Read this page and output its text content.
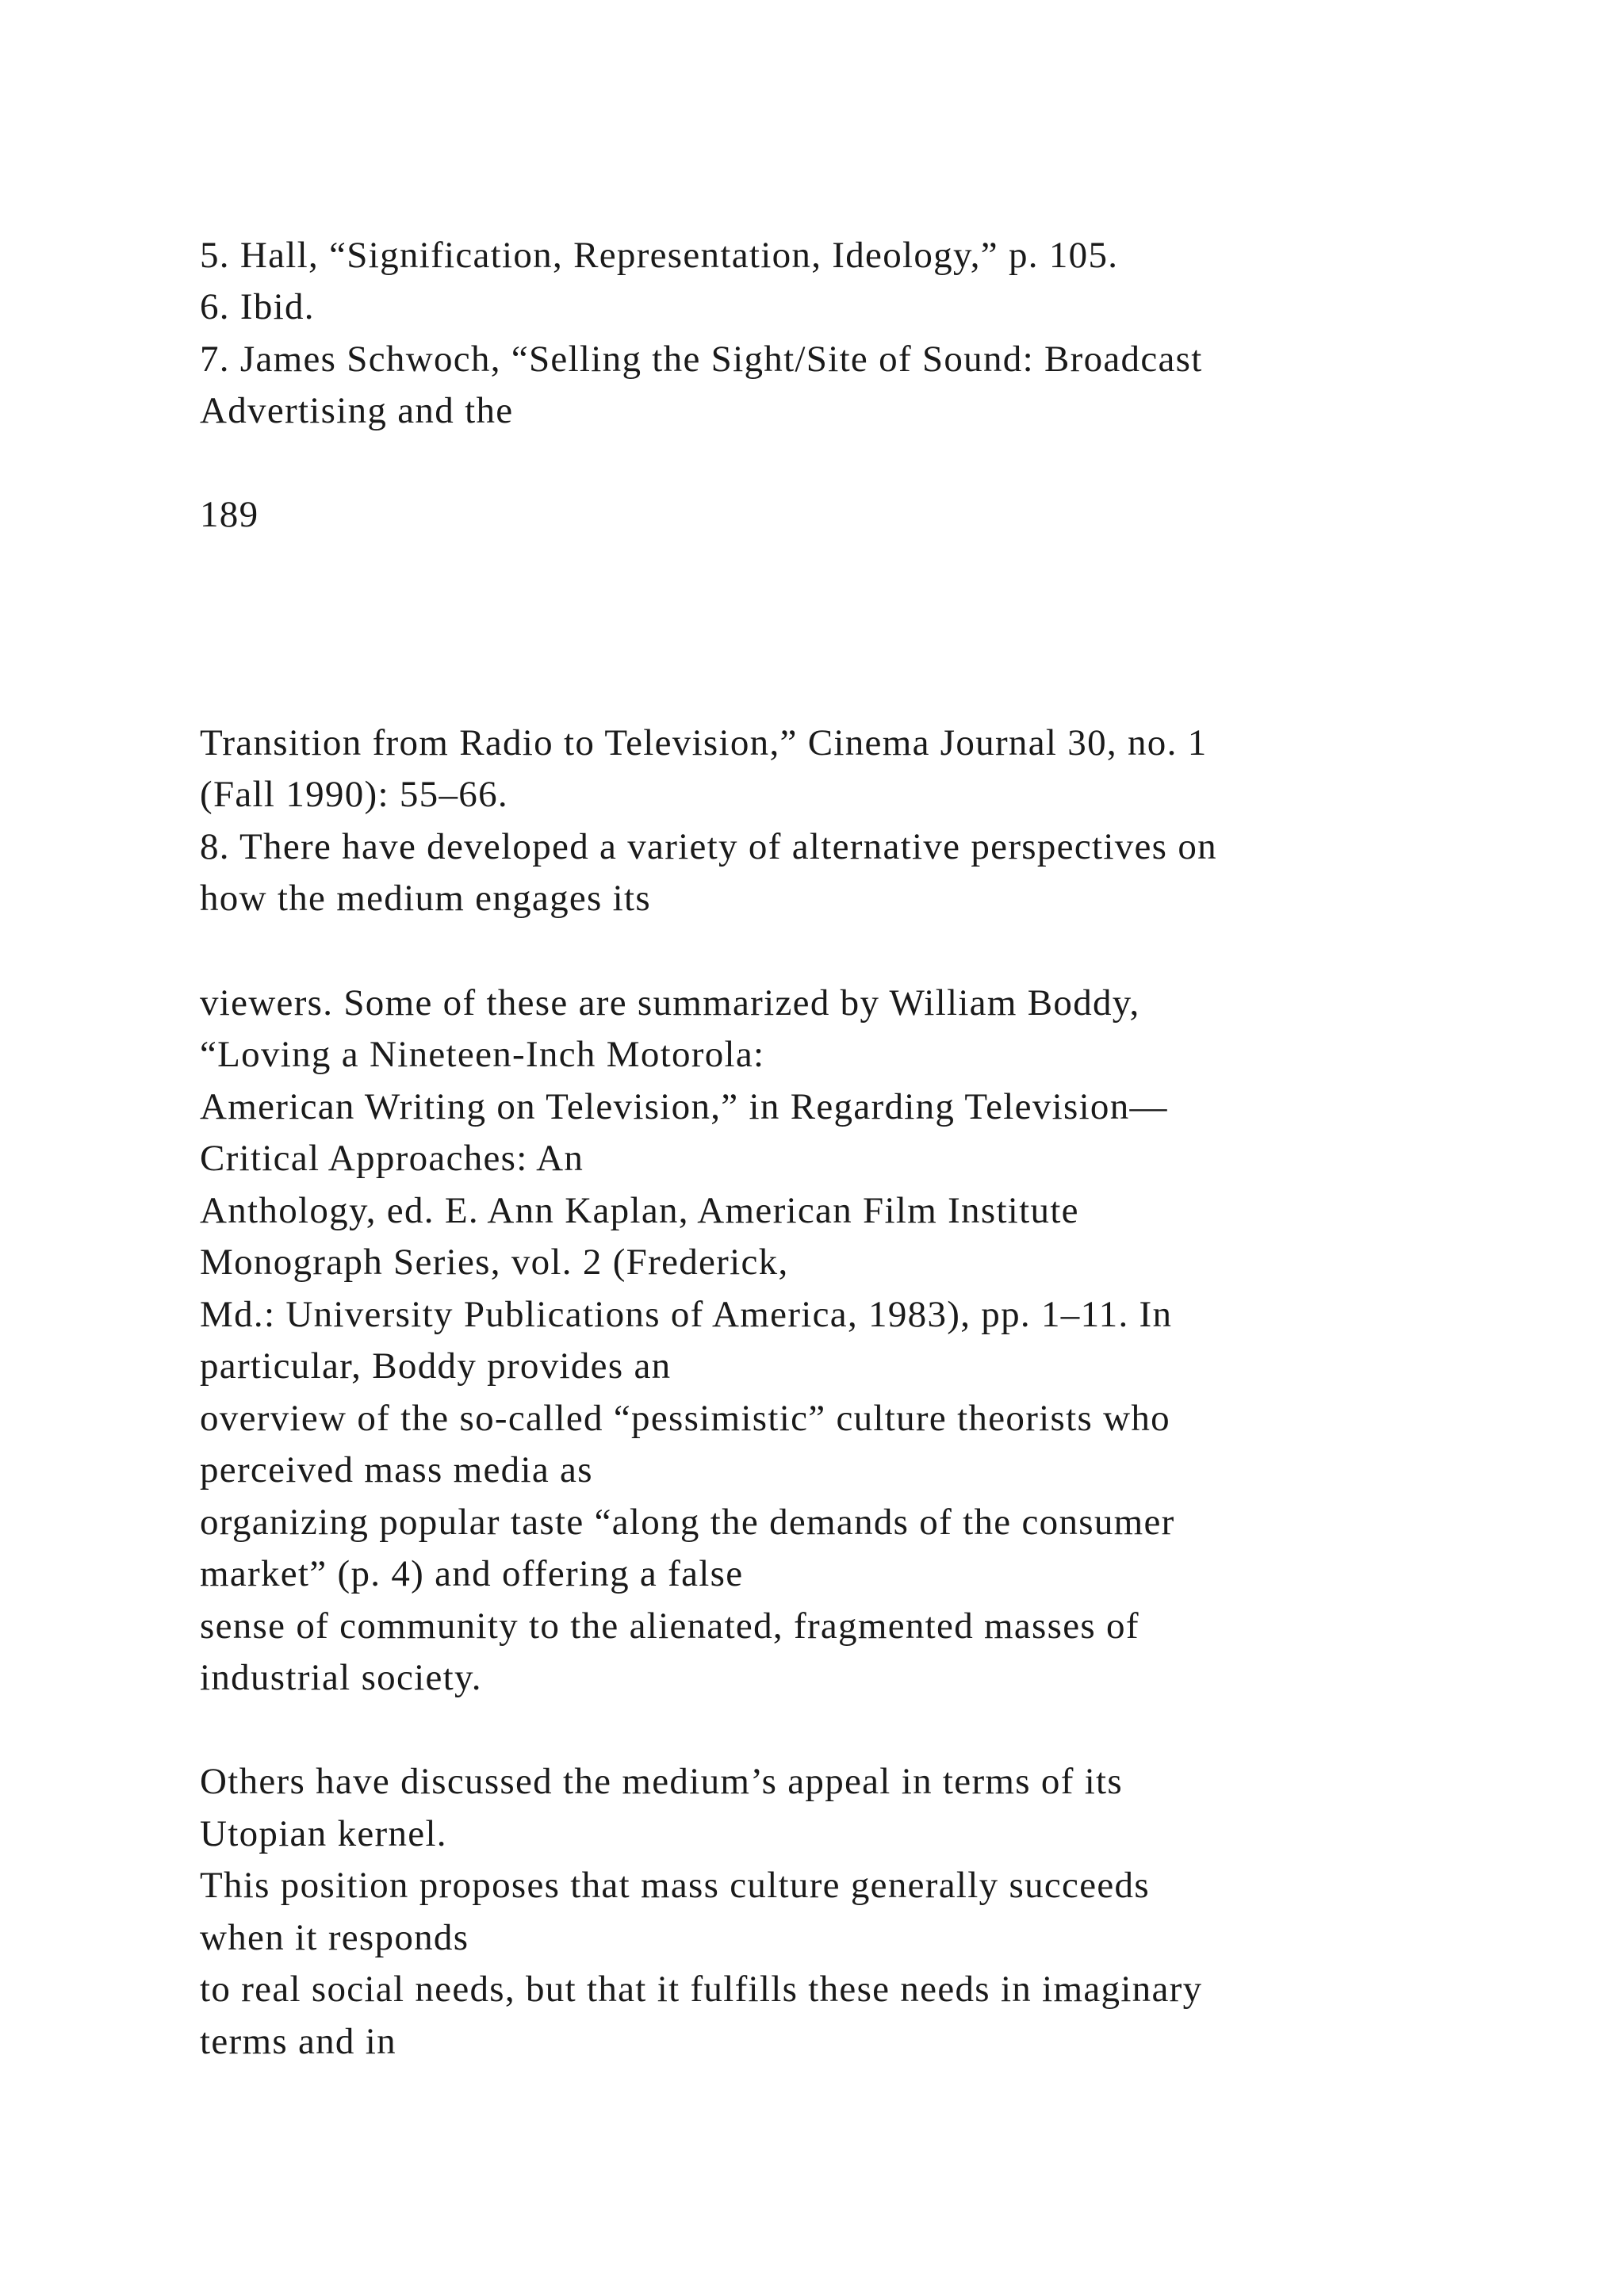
5. Hall, “Signification, Representation, Ideology,” p. 105.
6. Ibid.
7. James Schwoch, “Selling the Sight/Site of Sound: Broadcast
Advertising and the
189
Transition from Radio to Television,” Cinema Journal 30, no. 1
(Fall 1990): 55–66.
8. There have developed a variety of alternative perspectives on
how the medium engages its
viewers. Some of these are summarized by William Boddy,
“Loving a Nineteen-Inch Motorola:
American Writing on Television,” in Regarding Television—
Critical Approaches: An
Anthology, ed. E. Ann Kaplan, American Film Institute
Monograph Series, vol. 2 (Frederick,
Md.: University Publications of America, 1983), pp. 1–11. In
particular, Boddy provides an
overview of the so-called “pessimistic” culture theorists who
perceived mass media as
organizing popular taste “along the demands of the consumer
market” (p. 4) and offering a false
sense of community to the alienated, fragmented masses of
industrial society.
Others have discussed the medium’s appeal in terms of its
Utopian kernel.
This position proposes that mass culture generally succeeds
when it responds
to real social needs, but that it fulfills these needs in imaginary
terms and in
